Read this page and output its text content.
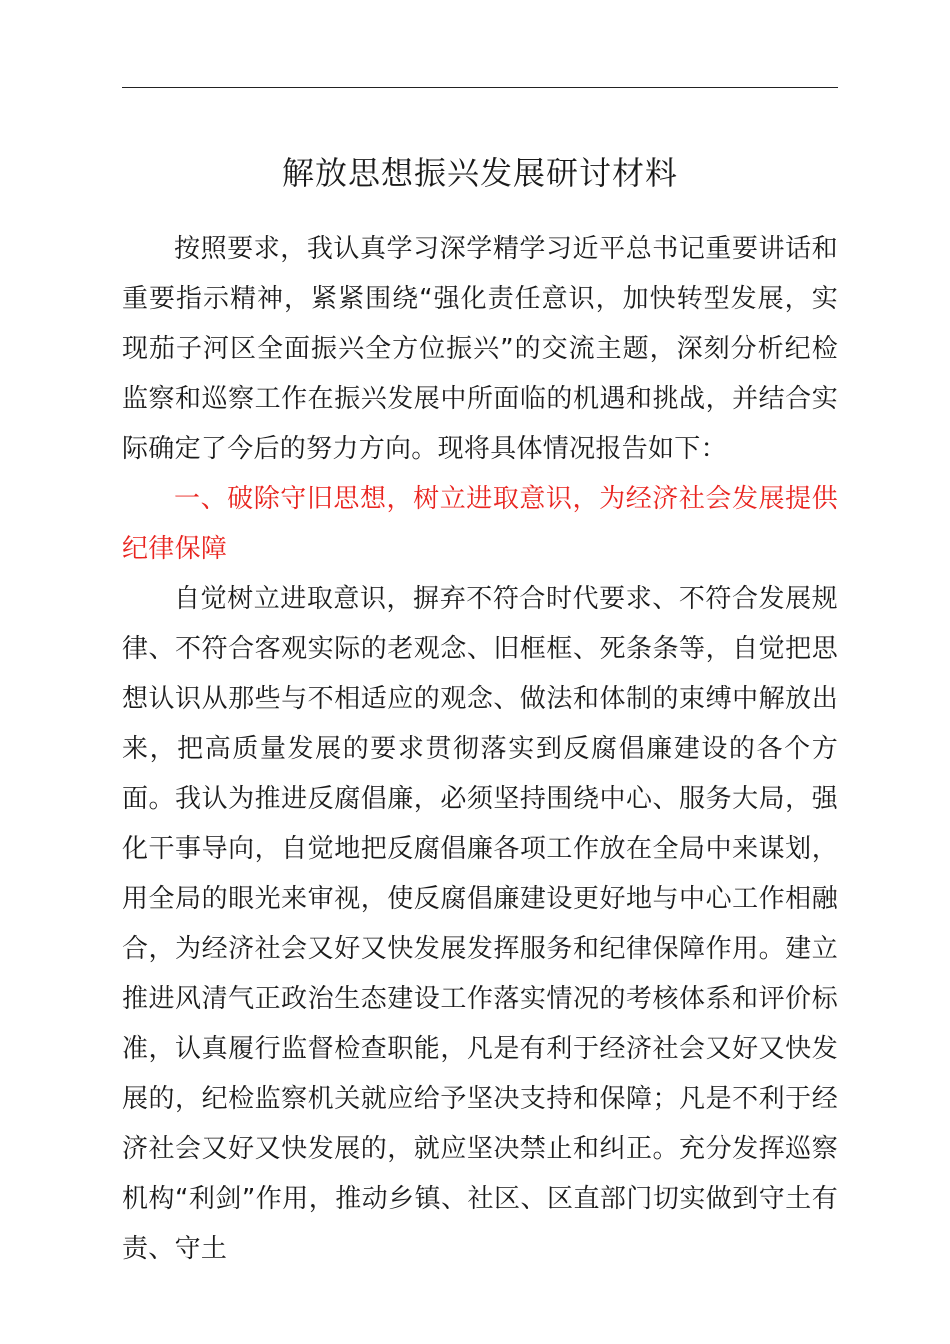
解放思想振兴发展研讨材料

按照要求，我认真学习深学精学习近平总书记重要讲话和重要指示精神，紧紧围绕“强化责任意识，加快转型发展，实现茄子河区全面振兴全方位振兴”的交流主题，深刻分析纪检监察和巡察工作在振兴发展中所面临的机遇和挑战，并结合实际确定了今后的努力方向。现将具体情况报告如下：

一、破除守旧思想，树立进取意识，为经济社会发展提供纪律保障

自觉树立进取意识，摒弃不符合时代要求、不符合发展规律、不符合客观实际的老观念、旧框框、死条条等，自觉把思想认识从那些与不相适应的观念、做法和体制的束缚中解放出来，把高质量发展的要求贯彻落实到反腐倡廉建设的各个方面。我认为推进反腐倡廉，必须坚持围绕中心、服务大局，强化干事导向，自觉地把反腐倡廉各项工作放在全局中来谋划，用全局的眼光来审视，使反腐倡廉建设更好地与中心工作相融合，为经济社会又好又快发展发挥服务和纪律保障作用。建立推进风清气正政治生态建设工作落实情况的考核体系和评价标准，认真履行监督检查职能，凡是有利于经济社会又好又快发展的，纪检监察机关就应给予坚决支持和保障；凡是不利于经济社会又好又快发展的，就应坚决禁止和纠正。充分发挥巡察机构“利剑”作用，推动乡镇、社区、区直部门切实做到守土有责、守土
